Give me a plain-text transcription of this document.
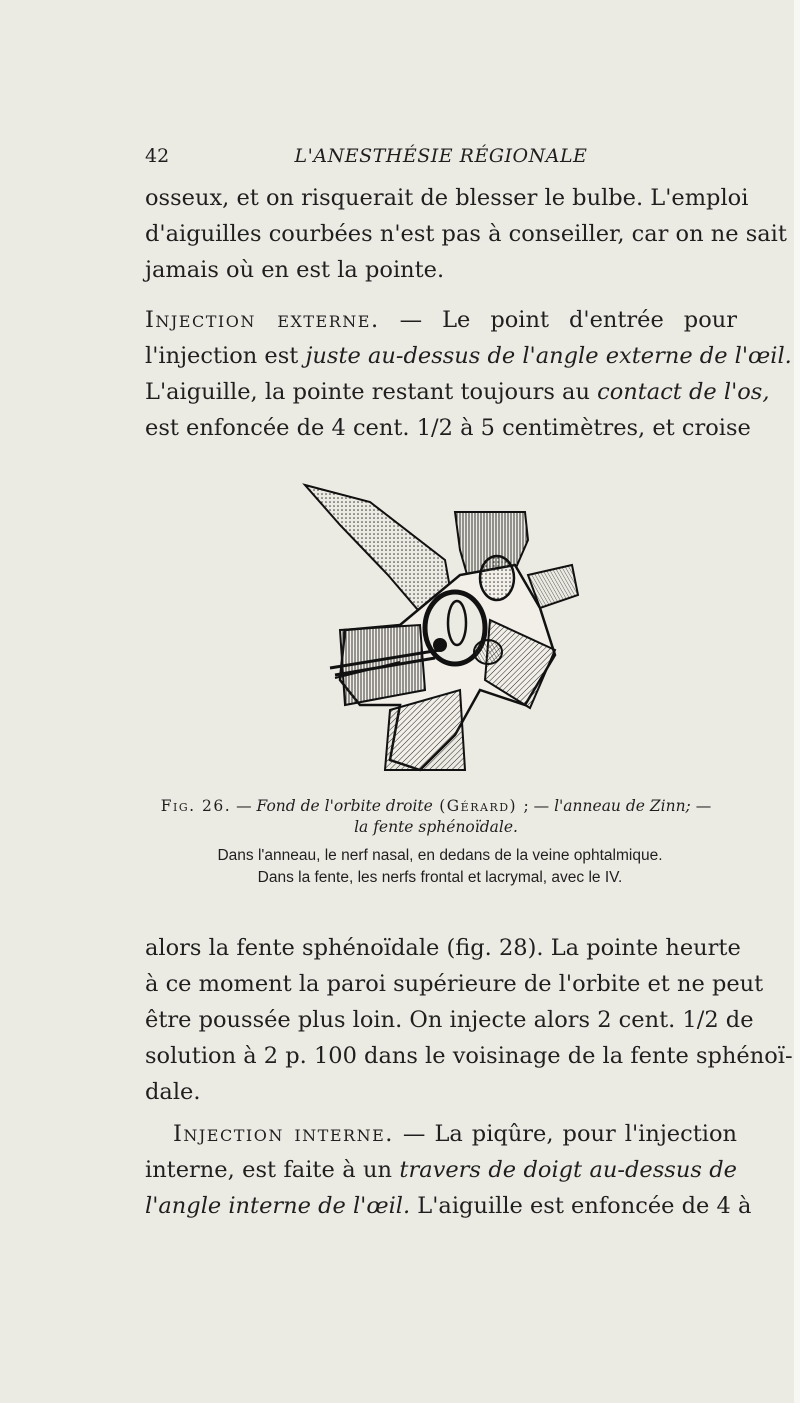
42	L'ANESTHÉSIE RÉGIONALE
osseux, et on risquerait de blesser le bulbe. L'emploi
d'aiguilles courbées n'est pas à conseiller, car on ne sait
jamais où en est la pointe.
Injection externe. — Le point d'entrée pour
l'injection est juste au-dessus de l'angle externe de l'œil.
L'aiguille, la pointe restant toujours au contact de l'os,
est enfoncée de 4 cent. 1/2 à 5 centimètres, et croise
Fig. 26. — Fond de l'orbite droite (Gérard) ; — l'anneau de Zinn; —
la fente sphénoïdale.
Dans l'anneau, le nerf nasal, en dedans de la veine ophtalmique.
Dans la fente, les nerfs frontal et lacrymal, avec le IV.
alors la fente sphénoïdale (fig. 28). La pointe heurte
à ce moment la paroi supérieure de l'orbite et ne peut
être poussée plus loin. On injecte alors 2 cent. 1/2 de
solution à 2 p. 100 dans le voisinage de la fente sphénoï-
dale.
Injection interne. — La piqûre, pour l'injection
interne, est faite à un travers de doigt au-dessus de
l'angle interne de l'œil. L'aiguille est enfoncée de 4 à
